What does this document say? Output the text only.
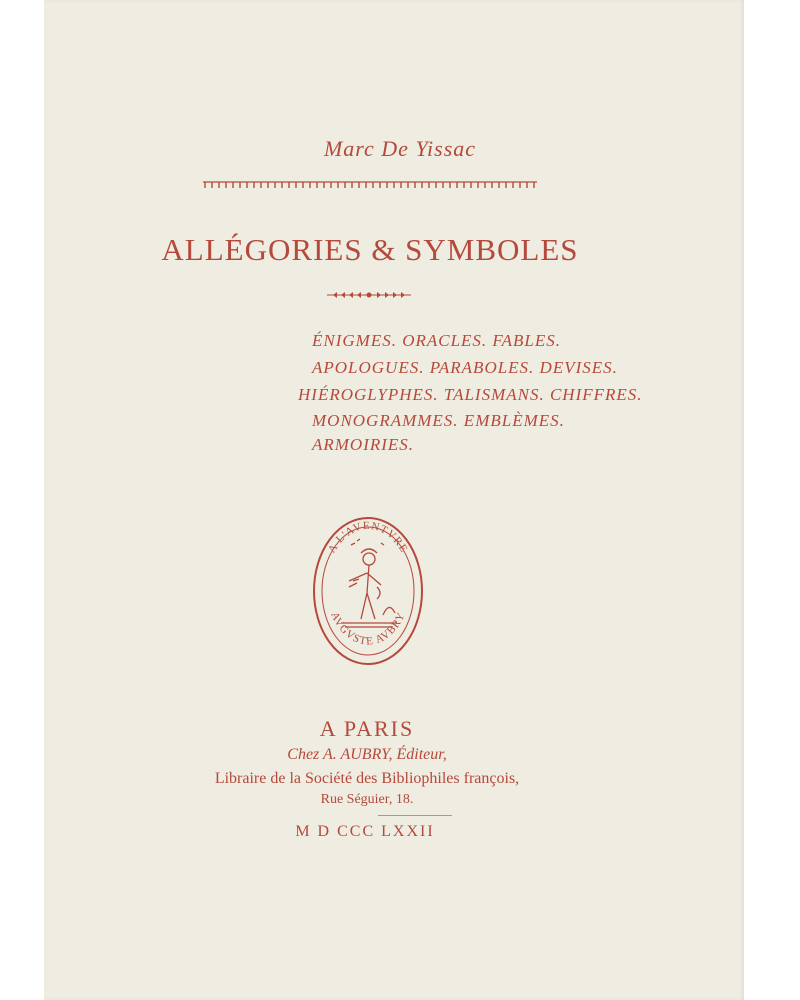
Marc De Yissac
ALLÉGORIES & SYMBOLES
ÉNIGMES. ORACLES. FABLES.
APOLOGUES. PARABOLES. DEVISES.
HIÉROGLYPHES. TALISMANS. CHIFFRES.
MONOGRAMMES. EMBLÈMES.
ARMOIRIES.
A L'AVENTVRE
AVGVSTE AVBRY
A PARIS
Chez A. AUBRY, Éditeur,
Libraire de la Société des Bibliophiles françois,
Rue Séguier, 18.
M D CCC LXXII
